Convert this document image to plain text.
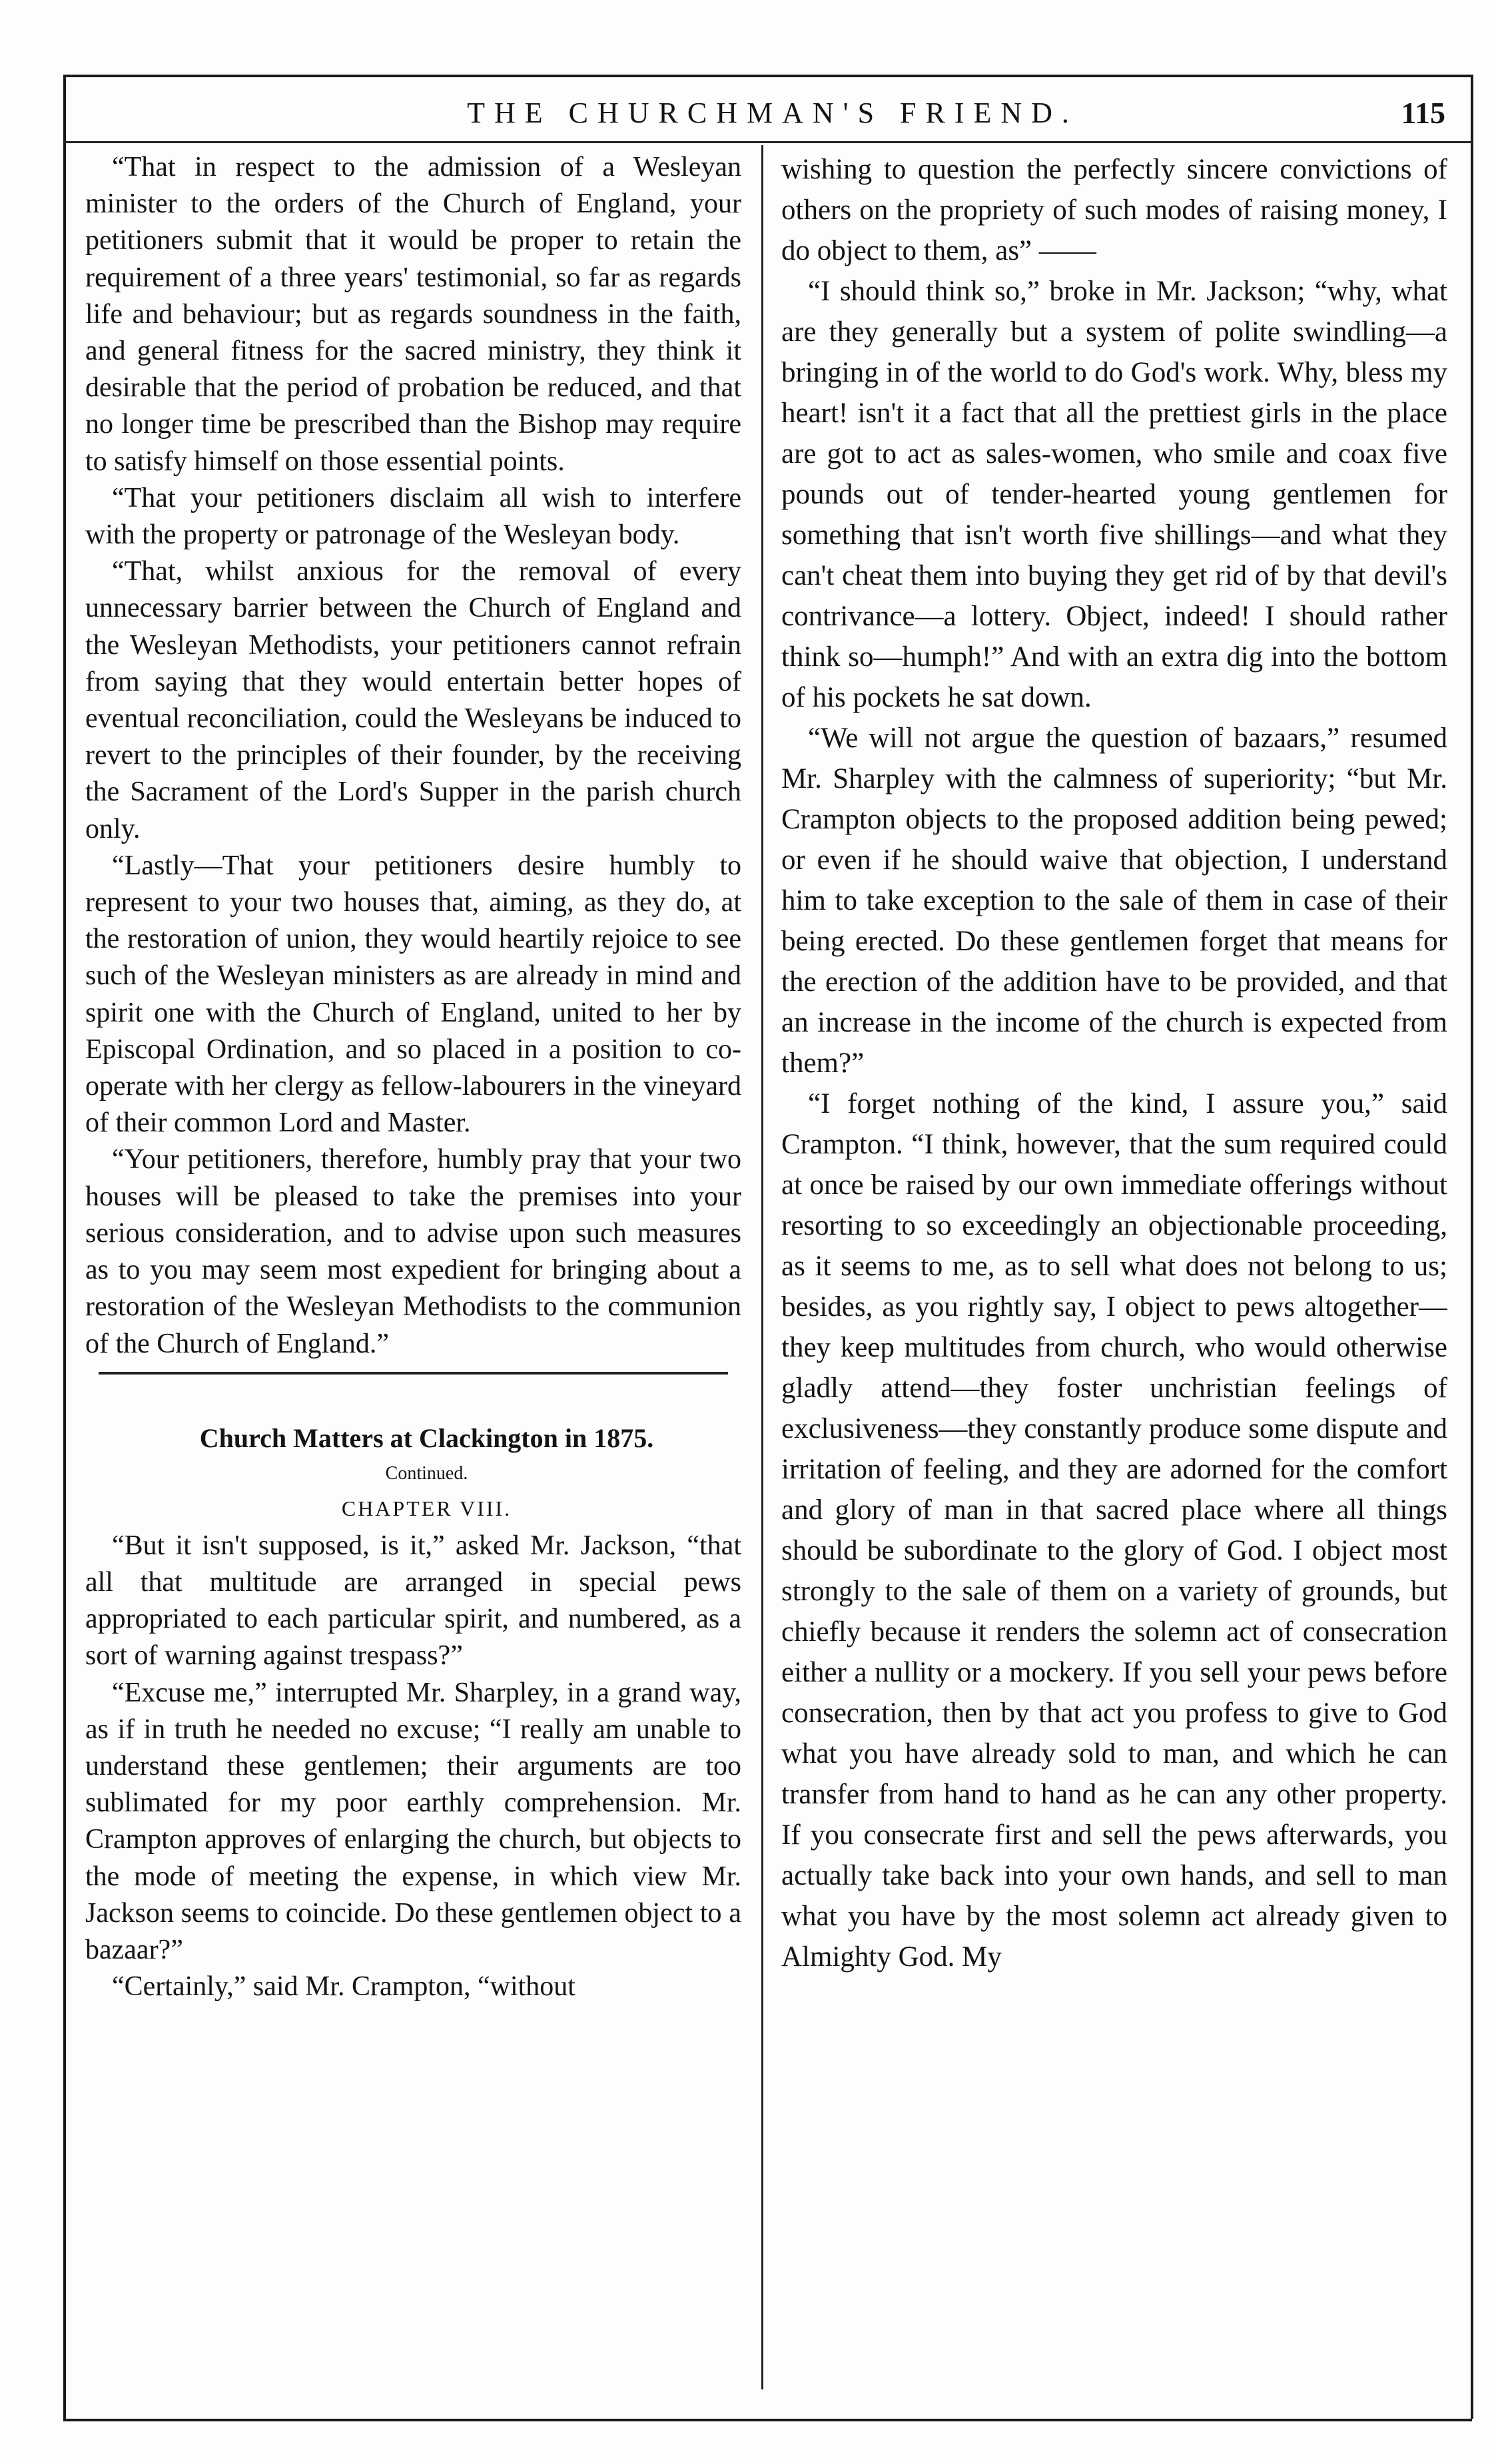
THE CHURCHMAN'S FRIEND.	115

“That in respect to the admission of a Wesleyan minister to the orders of the Church of England, your petitioners submit that it would be proper to retain the requirement of a three years' testimonial, so far as regards life and behaviour; but as regards soundness in the faith, and general fitness for the sacred ministry, they think it desirable that the period of probation be reduced, and that no longer time be prescribed than the Bishop may require to satisfy himself on those essential points.

“That your petitioners disclaim all wish to interfere with the property or patronage of the Wesleyan body.

“That, whilst anxious for the removal of every unnecessary barrier between the Church of England and the Wesleyan Methodists, your petitioners cannot refrain from saying that they would entertain better hopes of eventual reconciliation, could the Wesleyans be induced to revert to the principles of their founder, by the receiving the Sacrament of the Lord's Supper in the parish church only.

“Lastly—That your petitioners desire humbly to represent to your two houses that, aiming, as they do, at the restoration of union, they would heartily rejoice to see such of the Wesleyan ministers as are already in mind and spirit one with the Church of England, united to her by Episcopal Ordination, and so placed in a position to co-operate with her clergy as fellow-labourers in the vineyard of their common Lord and Master.

“Your petitioners, therefore, humbly pray that your two houses will be pleased to take the premises into your serious consideration, and to advise upon such measures as to you may seem most expedient for bringing about a restoration of the Wesleyan Methodists to the communion of the Church of England.”

Church Matters at Clackington in 1875.

Continued.

CHAPTER VIII.

“But it isn't supposed, is it,” asked Mr. Jackson, “that all that multitude are arranged in special pews appropriated to each particular spirit, and numbered, as a sort of warning against trespass?”

“Excuse me,” interrupted Mr. Sharpley, in a grand way, as if in truth he needed no excuse; “I really am unable to understand these gentlemen; their arguments are too sublimated for my poor earthly comprehension. Mr. Crampton approves of enlarging the church, but objects to the mode of meeting the expense, in which view Mr. Jackson seems to coincide. Do these gentlemen object to a bazaar?”

“Certainly,” said Mr. Crampton, “without

wishing to question the perfectly sincere convictions of others on the propriety of such modes of raising money, I do object to them, as” ——

“I should think so,” broke in Mr. Jackson; “why, what are they generally but a system of polite swindling—a bringing in of the world to do God's work. Why, bless my heart! isn't it a fact that all the prettiest girls in the place are got to act as sales-women, who smile and coax five pounds out of tender-hearted young gentlemen for something that isn't worth five shillings—and what they can't cheat them into buying they get rid of by that devil's contrivance—a lottery. Object, indeed! I should rather think so—humph!” And with an extra dig into the bottom of his pockets he sat down.

“We will not argue the question of bazaars,” resumed Mr. Sharpley with the calmness of superiority; “but Mr. Crampton objects to the proposed addition being pewed; or even if he should waive that objection, I understand him to take exception to the sale of them in case of their being erected. Do these gentlemen forget that means for the erection of the addition have to be provided, and that an increase in the income of the church is expected from them?”

“I forget nothing of the kind, I assure you,” said Crampton. “I think, however, that the sum required could at once be raised by our own immediate offerings without resorting to so exceedingly an objectionable proceeding, as it seems to me, as to sell what does not belong to us; besides, as you rightly say, I object to pews altogether—they keep multitudes from church, who would otherwise gladly attend—they foster unchristian feelings of exclusiveness—they constantly produce some dispute and irritation of feeling, and they are adorned for the comfort and glory of man in that sacred place where all things should be subordinate to the glory of God. I object most strongly to the sale of them on a variety of grounds, but chiefly because it renders the solemn act of consecration either a nullity or a mockery. If you sell your pews before consecration, then by that act you profess to give to God what you have already sold to man, and which he can transfer from hand to hand as he can any other property. If you consecrate first and sell the pews afterwards, you actually take back into your own hands, and sell to man what you have by the most solemn act already given to Almighty God. My
